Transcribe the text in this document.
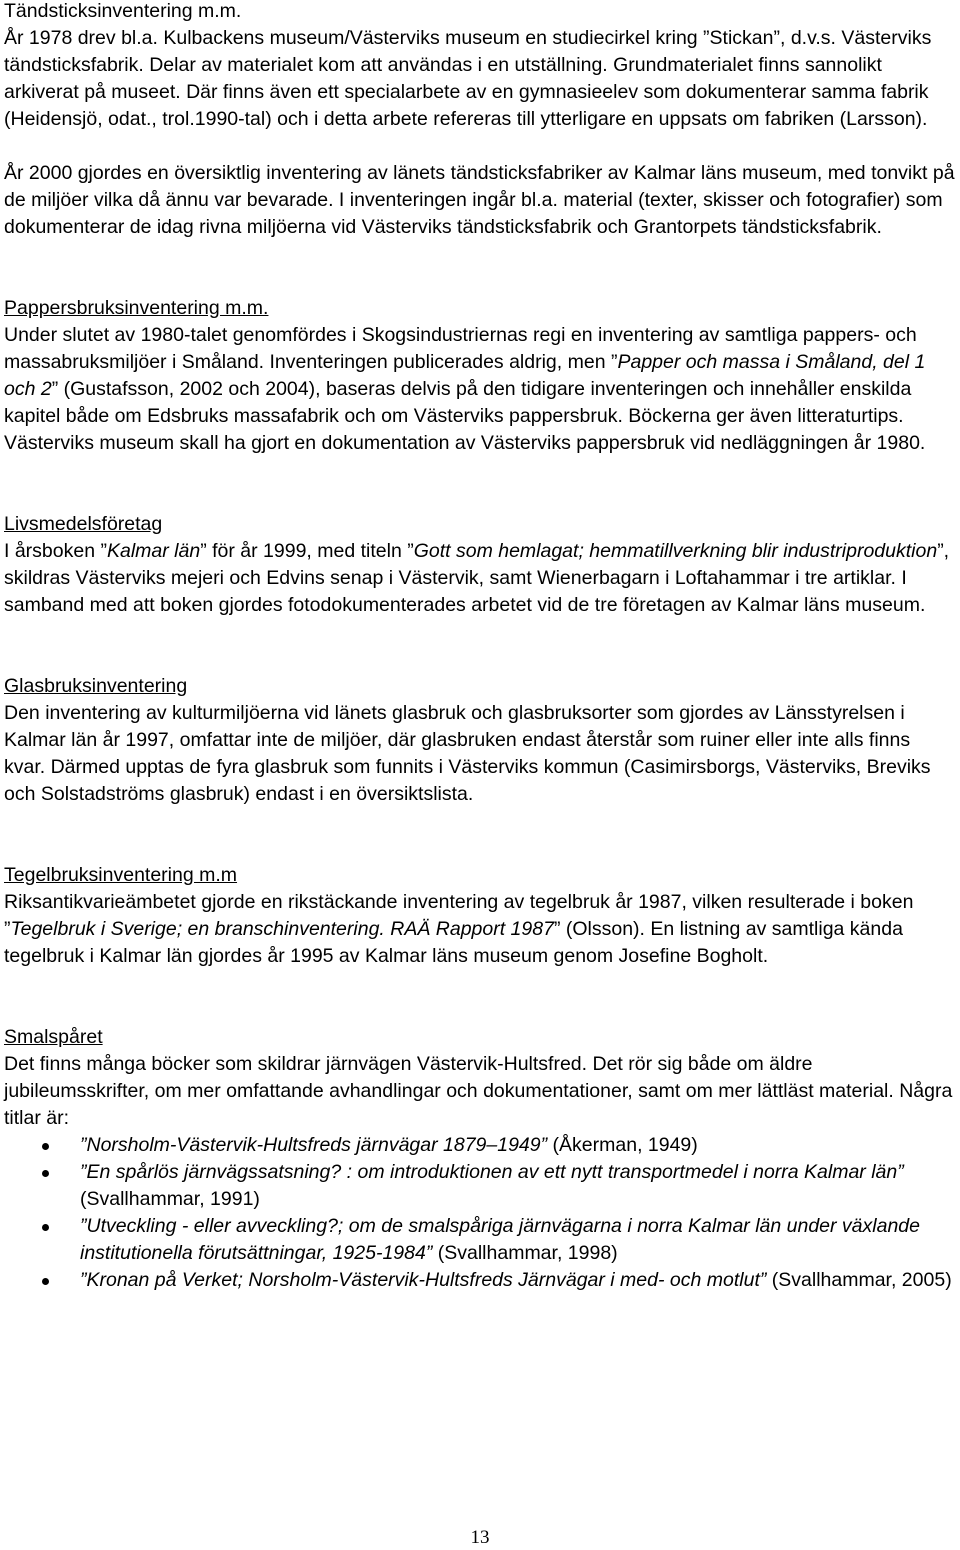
Tändsticksinventering m.m.

År 1978 drev bl.a. Kulbackens museum/Västerviks museum en studiecirkel kring ”Stickan”, d.v.s. Västerviks tändsticksfabrik. Delar av materialet kom att användas i en utställning. Grundmaterialet finns sannolikt arkiverat på museet. Där finns även ett specialarbete av en gymnasieelev som dokumenterar samma fabrik (Heidensjö, odat., trol.1990-tal) och i detta arbete refereras till ytterligare en uppsats om fabriken (Larsson).

År 2000 gjordes en översiktlig inventering av länets tändsticksfabriker av Kalmar läns museum, med tonvikt på de miljöer vilka då ännu var bevarade. I inventeringen ingår bl.a. material (texter, skisser och fotografier) som dokumenterar de idag rivna miljöerna vid Västerviks tändsticksfabrik och Grantorpets tändsticksfabrik.

Pappersbruksinventering m.m.

Under slutet av 1980-talet genomfördes i Skogsindustriernas regi en inventering av samtliga pappers- och massabruksmiljöer i Småland. Inventeringen publicerades aldrig, men ”Papper och massa i Småland, del 1 och 2” (Gustafsson, 2002 och 2004), baseras delvis på den tidigare inventeringen och innehåller enskilda kapitel både om Edsbruks massafabrik och om Västerviks pappersbruk. Böckerna ger även litteraturtips. Västerviks museum skall ha gjort en dokumentation av Västerviks pappersbruk vid nedläggningen år 1980.

Livsmedelsföretag

I årsboken ”Kalmar län” för år 1999, med titeln ”Gott som hemlagat; hemmatillverkning blir industriproduktion”, skildras Västerviks mejeri och Edvins senap i Västervik, samt Wienerbagarn i Loftahammar i tre artiklar. I samband med att boken gjordes fotodokumenterades arbetet vid de tre företagen av Kalmar läns museum.

Glasbruksinventering

Den inventering av kulturmiljöerna vid länets glasbruk och glasbruksorter som gjordes av Länsstyrelsen i Kalmar län år 1997, omfattar inte de miljöer, där glasbruken endast återstår som ruiner eller inte alls finns kvar. Därmed upptas de fyra glasbruk som funnits i Västerviks kommun (Casimirsborgs, Västerviks, Breviks och Solstadströms glasbruk) endast i en översiktslista.

Tegelbruksinventering m.m

Riksantikvarieämbetet gjorde en rikstäckande inventering av tegelbruk år 1987, vilken resulterade i boken ”Tegelbruk i Sverige; en branschinventering. RAÄ Rapport 1987” (Olsson). En listning av samtliga kända tegelbruk i Kalmar län gjordes år 1995 av Kalmar läns museum genom Josefine Bogholt.

Smalspåret

Det finns många böcker som skildrar järnvägen Västervik-Hultsfred. Det rör sig både om äldre jubileumsskrifter, om mer omfattande avhandlingar och dokumentationer, samt om mer lättläst material. Några titlar är:

”Norsholm-Västervik-Hultsfreds järnvägar 1879–1949” (Åkerman, 1949)
”En spårlös järnvägssatsning? : om introduktionen av ett nytt transportmedel i norra Kalmar län” (Svallhammar, 1991)
”Utveckling - eller avveckling?; om de smalspåriga järnvägarna i norra Kalmar län under växlande institutionella förutsättningar, 1925-1984” (Svallhammar, 1998)
”Kronan på Verket; Norsholm-Västervik-Hultsfreds Järnvägar i med- och motlut” (Svallhammar, 2005)
13
